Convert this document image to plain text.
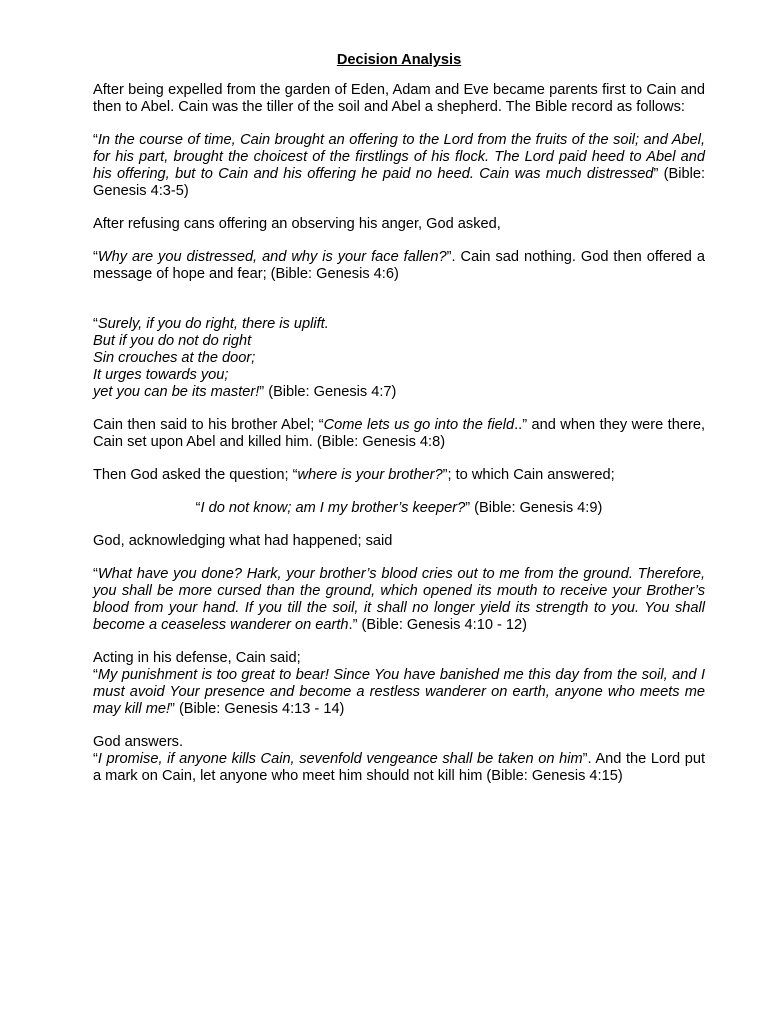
Decision Analysis

After being expelled from the garden of Eden, Adam and Eve became parents first to Cain and then to Abel. Cain was the tiller of the soil and Abel a shepherd. The Bible record as follows:

“In the course of time, Cain brought an offering to the Lord from the fruits of the soil; and Abel, for his part, brought the choicest of the firstlings of his flock. The Lord paid heed to Abel and his offering, but to Cain and his offering he paid no heed. Cain was much distressed” (Bible: Genesis 4:3-5)

After refusing cans offering an observing his anger, God asked,

“Why are you distressed, and why is your face fallen?”. Cain sad nothing. God then offered a message of hope and fear; (Bible: Genesis 4:6)

“Surely, if you do right, there is uplift.
But if you do not do right
Sin crouches at the door;
It urges towards you;
yet you can be its master!” (Bible: Genesis 4:7)

Cain then said to his brother Abel; “Come lets us go into the field..” and when they were there, Cain set upon Abel and killed him. (Bible: Genesis 4:8)

Then God asked the question; “where is your brother?”; to which Cain answered;

“I do not know; am I my brother’s keeper?” (Bible: Genesis 4:9)

God, acknowledging what had happened; said

“What have you done? Hark, your brother’s blood cries out to me from the ground. Therefore, you shall be more cursed than the ground, which opened its mouth to receive your Brother’s blood from your hand. If you till the soil, it shall no longer yield its strength to you. You shall become a ceaseless wanderer on earth.” (Bible: Genesis 4:10 - 12)

Acting in his defense, Cain said;

“My punishment is too great to bear! Since You have banished me this day from the soil, and I must avoid Your presence and become a restless wanderer on earth, anyone who meets me may kill me!” (Bible: Genesis 4:13 - 14)

God answers.

“I promise, if anyone kills Cain, sevenfold vengeance shall be taken on him”. And the Lord put a mark on Cain, let anyone who meet him should not kill him (Bible: Genesis 4:15)
